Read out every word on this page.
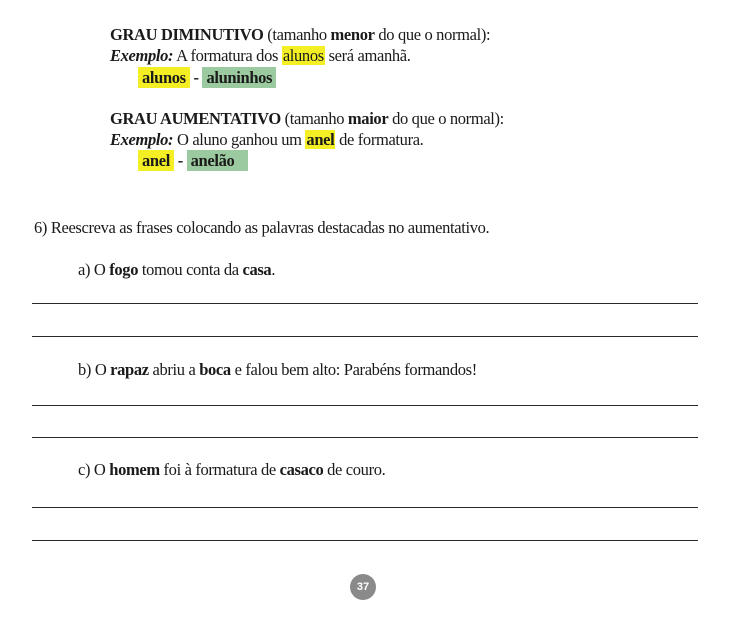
GRAU DIMINUTIVO (tamanho menor do que o normal):
Exemplo: A formatura dos alunos será amanhã.
alunos - aluninhos
GRAU AUMENTATIVO (tamanho maior do que o normal):
Exemplo: O aluno ganhou um anel de formatura.
anel - anelão
6) Reescreva as frases colocando as palavras destacadas no aumentativo.
a) O fogo tomou conta da casa.
b) O rapaz abriu a boca e falou bem alto: Parabéns formandos!
c) O homem foi à formatura de casaco de couro.
37
